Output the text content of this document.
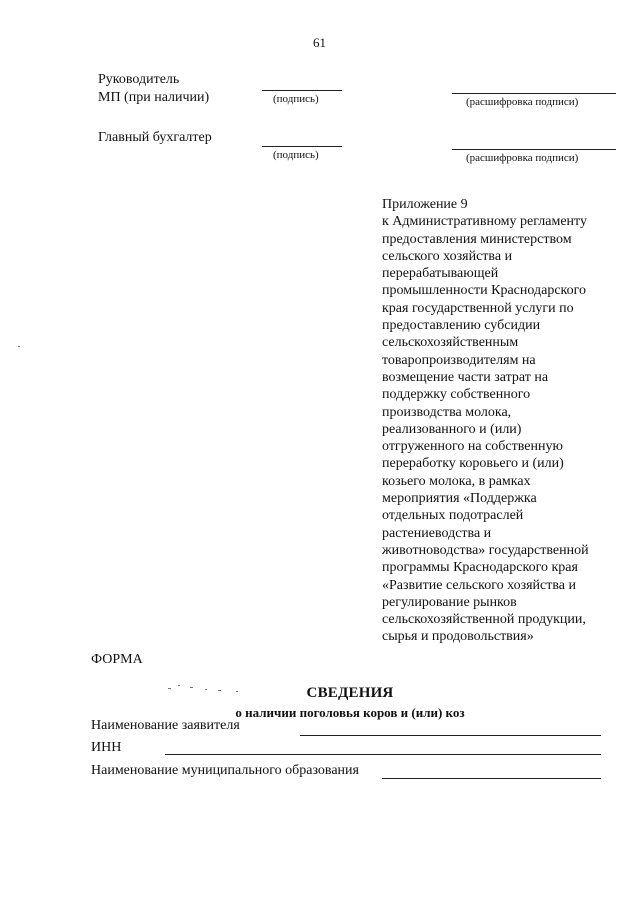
61
Руководитель
МП (при наличии)	(подпись)	(расшифровка подписи)
Главный бухгалтер
(подпись)	(расшифровка подписи)
Приложение 9
к Административному регламенту
предоставления министерством
сельского хозяйства и
перерабатывающей
промышленности Краснодарского
края государственной услуги по
предоставлению субсидии
сельскохозяйственным
товаропроизводителям на
возмещение части затрат на
поддержку собственного
производства молока,
реализованного и (или)
отгруженного на собственную
переработку коровьего и (или)
козьего молока, в рамках
мероприятия «Поддержка
отдельных подотраслей
растениеводства и
животноводства» государственной
программы Краснодарского края
«Развитие сельского хозяйства и
регулирование рынков
сельскохозяйственной продукции,
сырья и продовольствия»
ФОРМА
СВЕДЕНИЯ
о наличии поголовья коров и (или) коз
Наименование заявителя
ИНН
Наименование муниципального образования
